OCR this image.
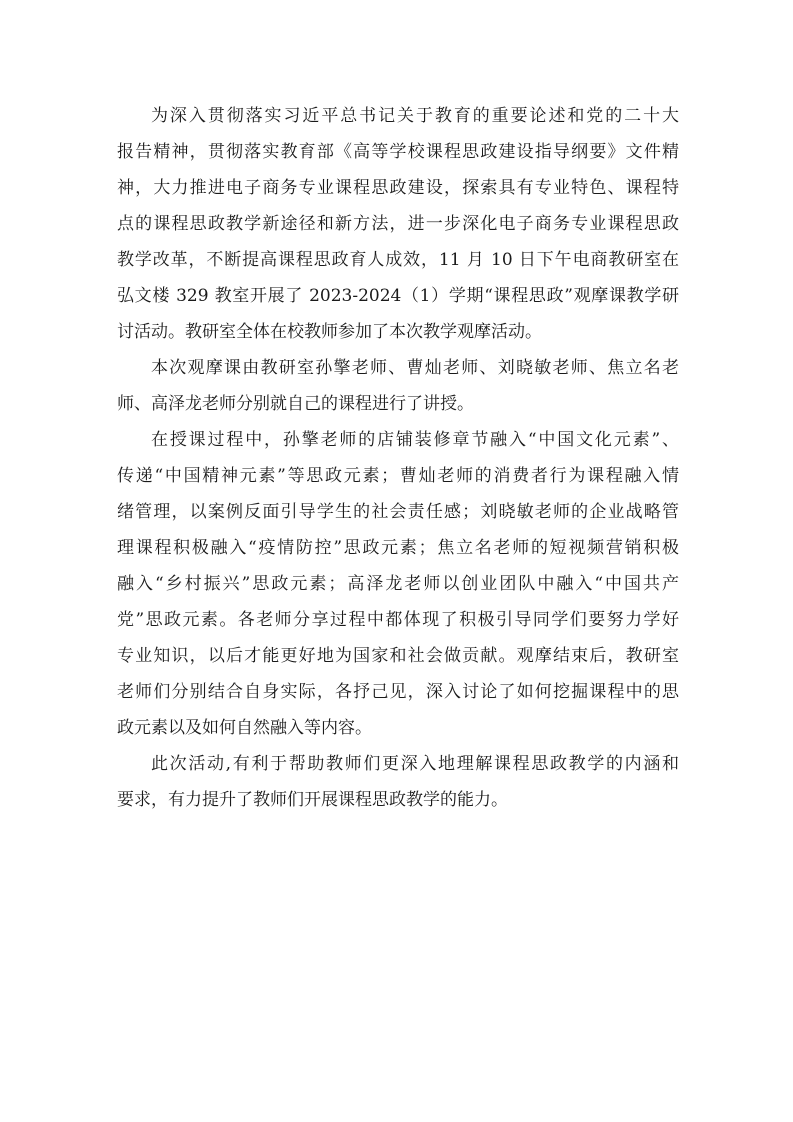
为深入贯彻落实习近平总书记关于教育的重要论述和党的二十大
报告精神，贯彻落实教育部《高等学校课程思政建设指导纲要》文件精
神，大力推进电子商务专业课程思政建设，探索具有专业特色、课程特
点的课程思政教学新途径和新方法，进一步深化电子商务专业课程思政
教学改革，不断提高课程思政育人成效，11 月 10 日下午电商教研室在
弘文楼 329 教室开展了 2023-2024（1）学期“课程思政”观摩课教学研
讨活动。教研室全体在校教师参加了本次教学观摩活动。

本次观摩课由教研室孙擎老师、曹灿老师、刘晓敏老师、焦立名老
师、高泽龙老师分别就自己的课程进行了讲授。

在授课过程中，孙擎老师的店铺装修章节融入“中国文化元素”、
传递“中国精神元素”等思政元素；曹灿老师的消费者行为课程融入情
绪管理，以案例反面引导学生的社会责任感；刘晓敏老师的企业战略管
理课程积极融入“疫情防控”思政元素；焦立名老师的短视频营销积极
融入“乡村振兴”思政元素；高泽龙老师以创业团队中融入“中国共产
党”思政元素。各老师分享过程中都体现了积极引导同学们要努力学好
专业知识，以后才能更好地为国家和社会做贡献。观摩结束后，教研室
老师们分别结合自身实际，各抒己见，深入讨论了如何挖掘课程中的思
政元素以及如何自然融入等内容。

此次活动,有利于帮助教师们更深入地理解课程思政教学的内涵和
要求，有力提升了教师们开展课程思政教学的能力。
